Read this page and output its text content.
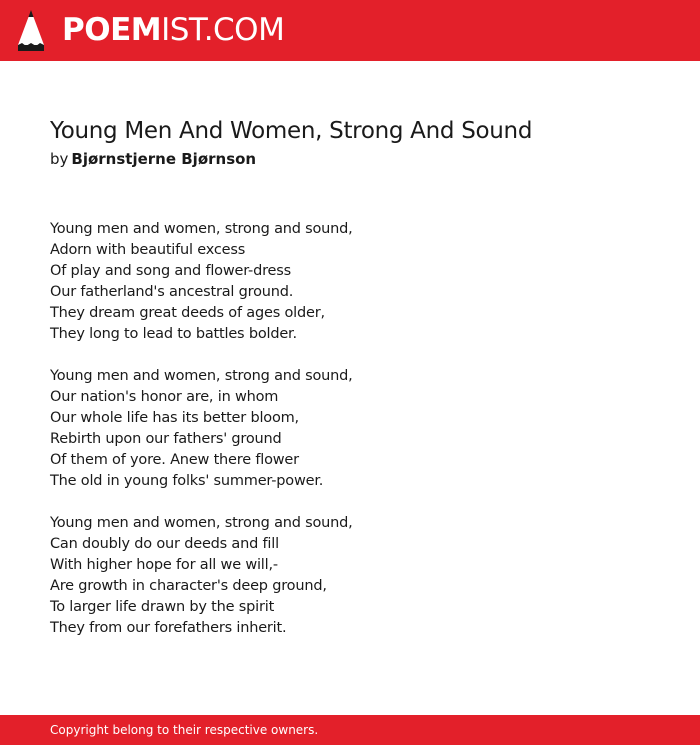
POEMIST.COM
Young Men And Women, Strong And Sound
by Bjørnstjerne Bjørnson
Young men and women, strong and sound,
Adorn with beautiful excess
Of play and song and flower-dress
Our fatherland's ancestral ground.
They dream great deeds of ages older,
They long to lead to battles bolder.
Young men and women, strong and sound,
Our nation's honor are, in whom
Our whole life has its better bloom,
Rebirth upon our fathers' ground
Of them of yore. Anew there flower
The old in young folks' summer-power.
Young men and women, strong and sound,
Can doubly do our deeds and fill
With higher hope for all we will,-
Are growth in character's deep ground,
To larger life drawn by the spirit
They from our forefathers inherit.
Copyright belong to their respective owners.
